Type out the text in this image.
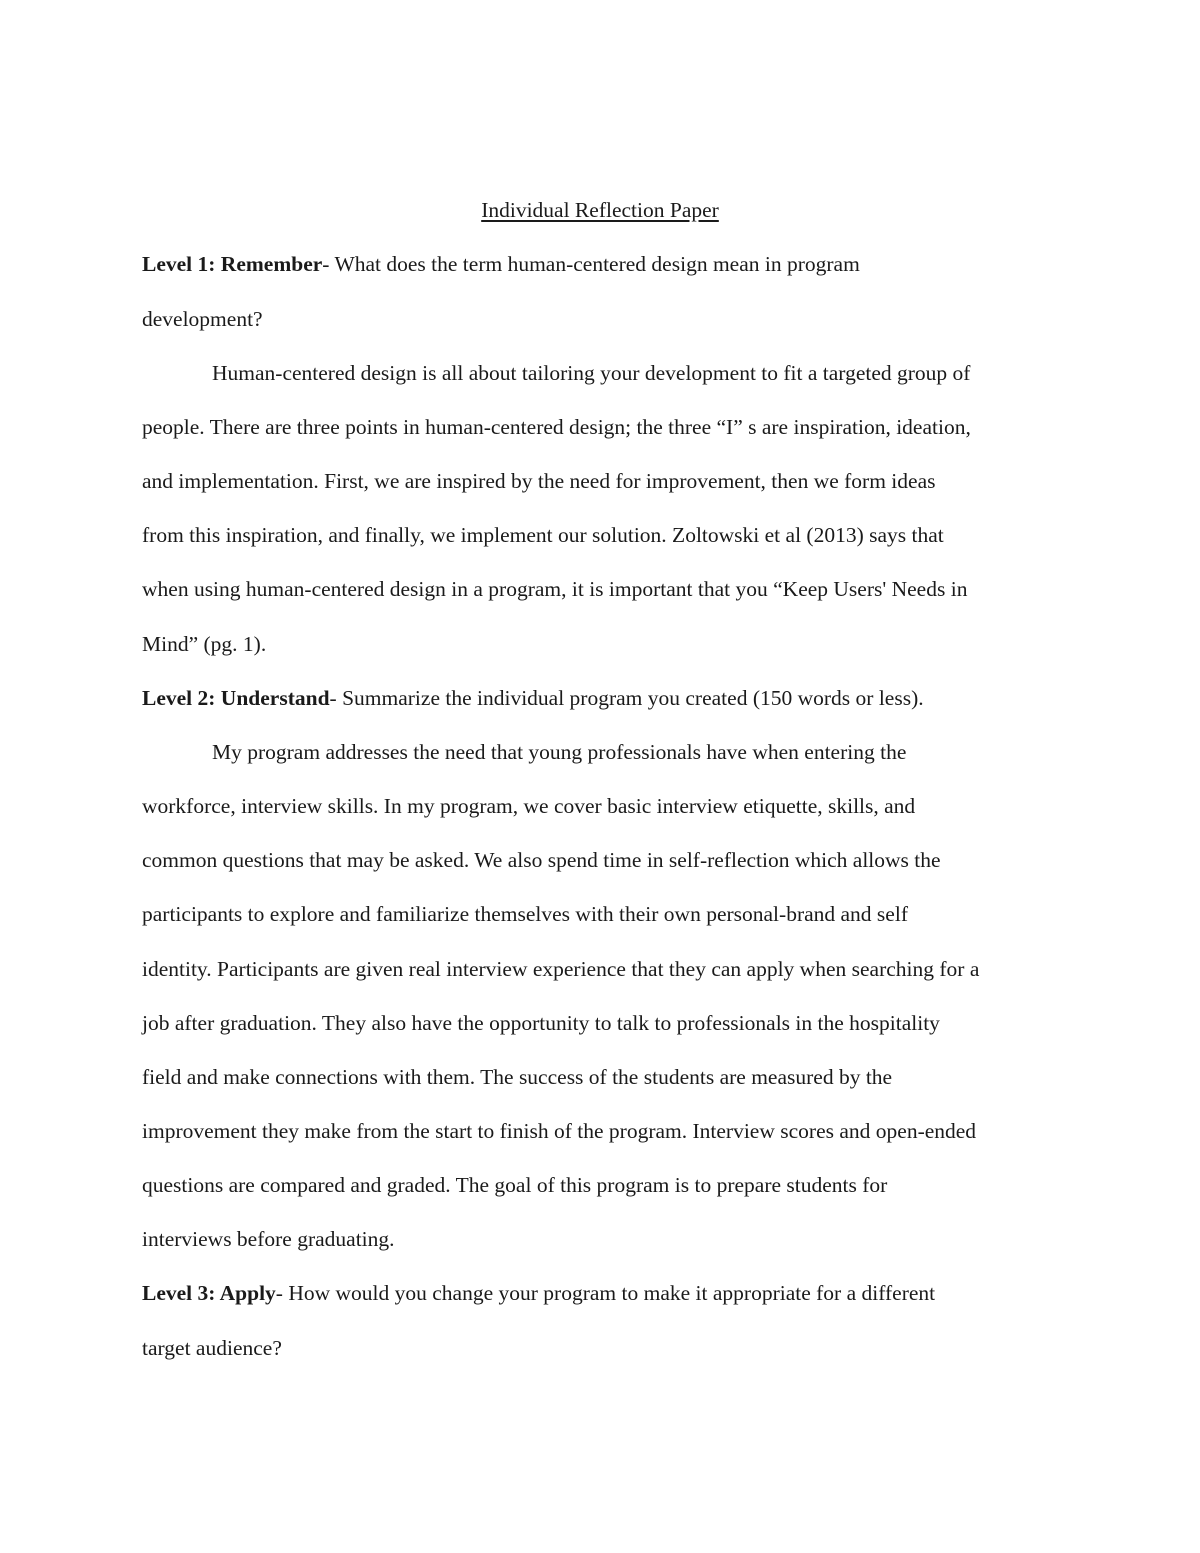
Individual Reflection Paper
Level 1: Remember- What does the term human-centered design mean in program
development?
Human-centered design is all about tailoring your development to fit a targeted group of
people. There are three points in human-centered design; the three “I” s are inspiration, ideation,
and implementation. First, we are inspired by the need for improvement, then we form ideas
from this inspiration, and finally, we implement our solution. Zoltowski et al (2013) says that
when using human-centered design in a program, it is important that you “Keep Users' Needs in
Mind” (pg. 1).
Level 2: Understand- Summarize the individual program you created (150 words or less).
My program addresses the need that young professionals have when entering the
workforce, interview skills. In my program, we cover basic interview etiquette, skills, and
common questions that may be asked. We also spend time in self-reflection which allows the
participants to explore and familiarize themselves with their own personal-brand and self
identity. Participants are given real interview experience that they can apply when searching for a
job after graduation. They also have the opportunity to talk to professionals in the hospitality
field and make connections with them. The success of the students are measured by the
improvement they make from the start to finish of the program. Interview scores and open-ended
questions are compared and graded. The goal of this program is to prepare students for
interviews before graduating.
Level 3: Apply- How would you change your program to make it appropriate for a different
target audience?
